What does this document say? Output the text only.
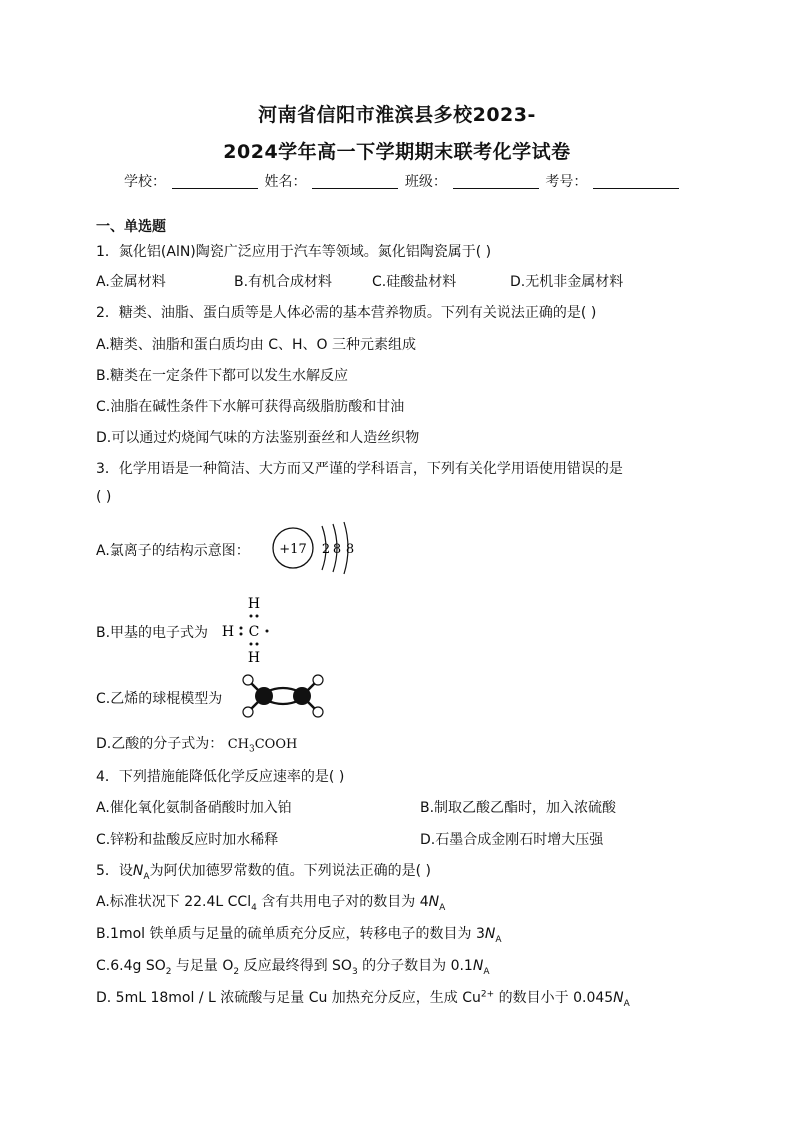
河南省信阳市淮滨县多校2023-
2024学年高一下学期期末联考化学试卷
学校：	姓名：	班级：	考号：
一、单选题
1．氮化铝(AlN)陶瓷广泛应用于汽车等领域。氮化铝陶瓷属于( )
A.金属材料	B.有机合成材料	C.硅酸盐材料	D.无机非金属材料
2．糖类、油脂、蛋白质等是人体必需的基本营养物质。下列有关说法正确的是( )
A.糖类、油脂和蛋白质均由 C、H、O 三种元素组成
B.糖类在一定条件下都可以发生水解反应
C.油脂在碱性条件下水解可获得高级脂肪酸和甘油
D.可以通过灼烧闻气味的方法鉴别蚕丝和人造丝织物
3．化学用语是一种简洁、大方而又严谨的学科语言，下列有关化学用语使用错误的是
( )
A.氯离子的结构示意图： +17 2 8 8
B.甲基的电子式为
H
H C
H
C.乙烯的球棍模型为
D.乙酸的分子式为： $CH_3COOH$
4．下列措施能降低化学反应速率的是( )
A.催化氧化氨制备硝酸时加入铂	B.制取乙酸乙酯时，加入浓硫酸
C.锌粉和盐酸反应时加水稀释	D.石墨合成金刚石时增大压强
5．设$N_A$为阿伏加德罗常数的值。下列说法正确的是( )
A.标准状况下 22.4L CCl$_4$ 含有共用电子对的数目为 $4N_A$
B.1mol 铁单质与足量的硫单质充分反应，转移电子的数目为 $3N_A$
C.6.4g $SO_2$ 与足量 $O_2$ 反应最终得到 $SO_3$ 的分子数目为 $0.1N_A$
D. 5mL 18mol / L 浓硫酸与足量 Cu 加热充分反应，生成 $Cu^{2+}$ 的数目小于 $0.045N_A$
